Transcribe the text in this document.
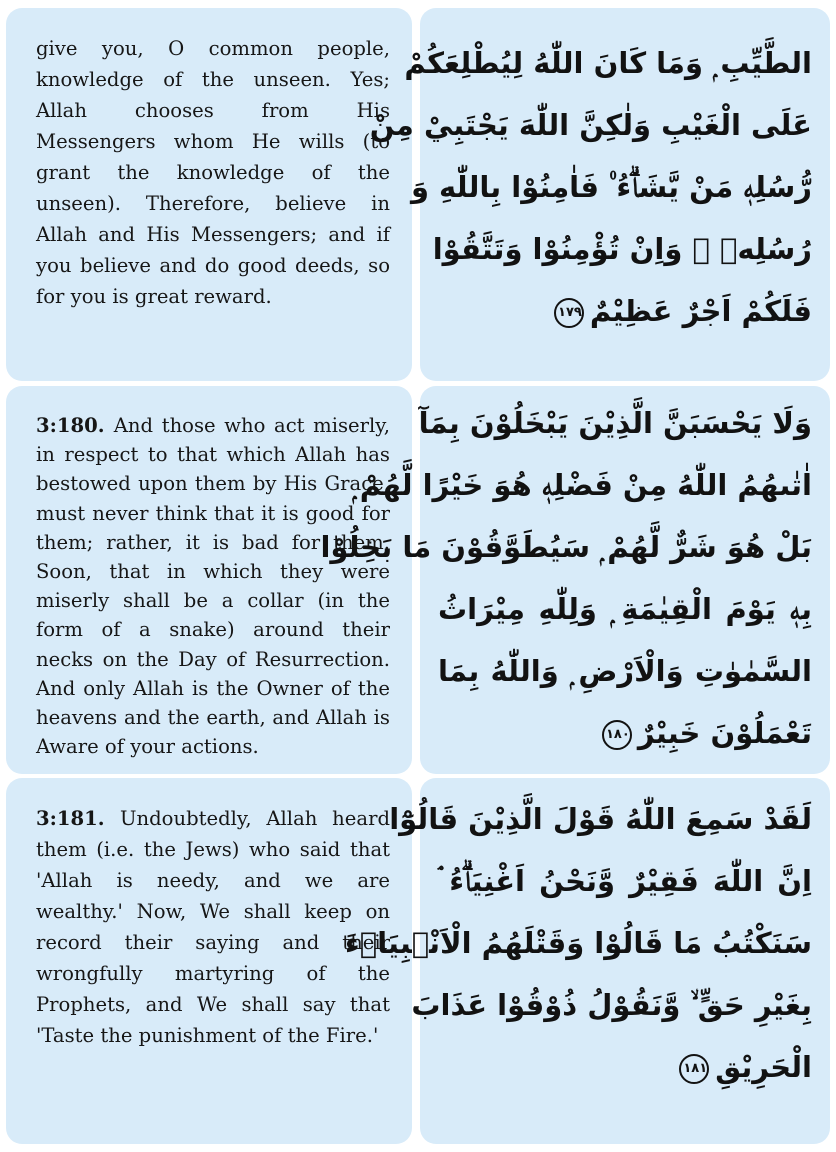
give you, O common people, knowledge of the unseen. Yes; Allah chooses from His Messengers whom He wills (to grant the knowledge of the unseen). Therefore, believe in Allah and His Messengers; and if you believe and do good deeds, so for you is great reward.

الطَّيِّبِ ۭ وَمَا كَانَ اللّٰهُ لِيُطْلِعَكُمْ
عَلَى الْغَيْبِ وَلٰكِنَّ اللّٰهَ يَجْتَبِيْ مِنْ
رُّسُلِهٖ مَنْ يَّشَاۗءُ ۠ فَاٰمِنُوْا بِاللّٰهِ وَ
رُسُلِهٖ ۚ وَاِنْ تُؤْمِنُوْا وَتَتَّقُوْا
فَلَكُمْ اَجْرٌ عَظِيْمٌ١٧٩

3:180. And those who act miserly, in respect to that which Allah has bestowed upon them by His Grace, must never think that it is good for them; rather, it is bad for them. Soon, that in which they were miserly shall be a collar (in the form of a snake) around their necks on the Day of Resurrection. And only Allah is the Owner of the heavens and the earth, and Allah is Aware of your actions.

وَلَا يَحْسَبَنَّ الَّذِيْنَ يَبْخَلُوْنَ بِمَآ
اٰتٰىھُمُ اللّٰهُ مِنْ فَضْلِهٖ ھُوَ خَيْرًا لَّھُمْ ۭ
بَلْ ھُوَ شَرٌّ لَّھُمْ ۭ سَيُطَوَّقُوْنَ مَا بَخِلُوْا
بِهٖ يَوْمَ الْقِيٰمَةِ ۭ وَلِلّٰهِ مِيْرَاثُ
السَّمٰوٰتِ وَالْاَرْضِ ۭ وَاللّٰهُ بِمَا
تَعْمَلُوْنَ خَبِيْرٌ١٨٠

3:181. Undoubtedly, Allah heard them (i.e. the Jews) who said that 'Allah is needy, and we are wealthy.' Now, We shall keep on record their saying and their wrongfully martyring of the Prophets, and We shall say that 'Taste the punishment of the Fire.'

لَقَدْ سَمِعَ اللّٰهُ قَوْلَ الَّذِيْنَ قَالُوْٓا
اِنَّ اللّٰهَ فَقِيْرٌ وَّنَحْنُ اَغْنِيَاۗءُ ۘ
سَنَكْتُبُ مَا قَالُوْا وَقَتْلَھُمُ الْاَنْۢبِيَاۗءَ
بِغَيْرِ حَقٍّ ۙ وَّنَقُوْلُ ذُوْقُوْا عَذَابَ
الْحَرِيْقِ١٨١
